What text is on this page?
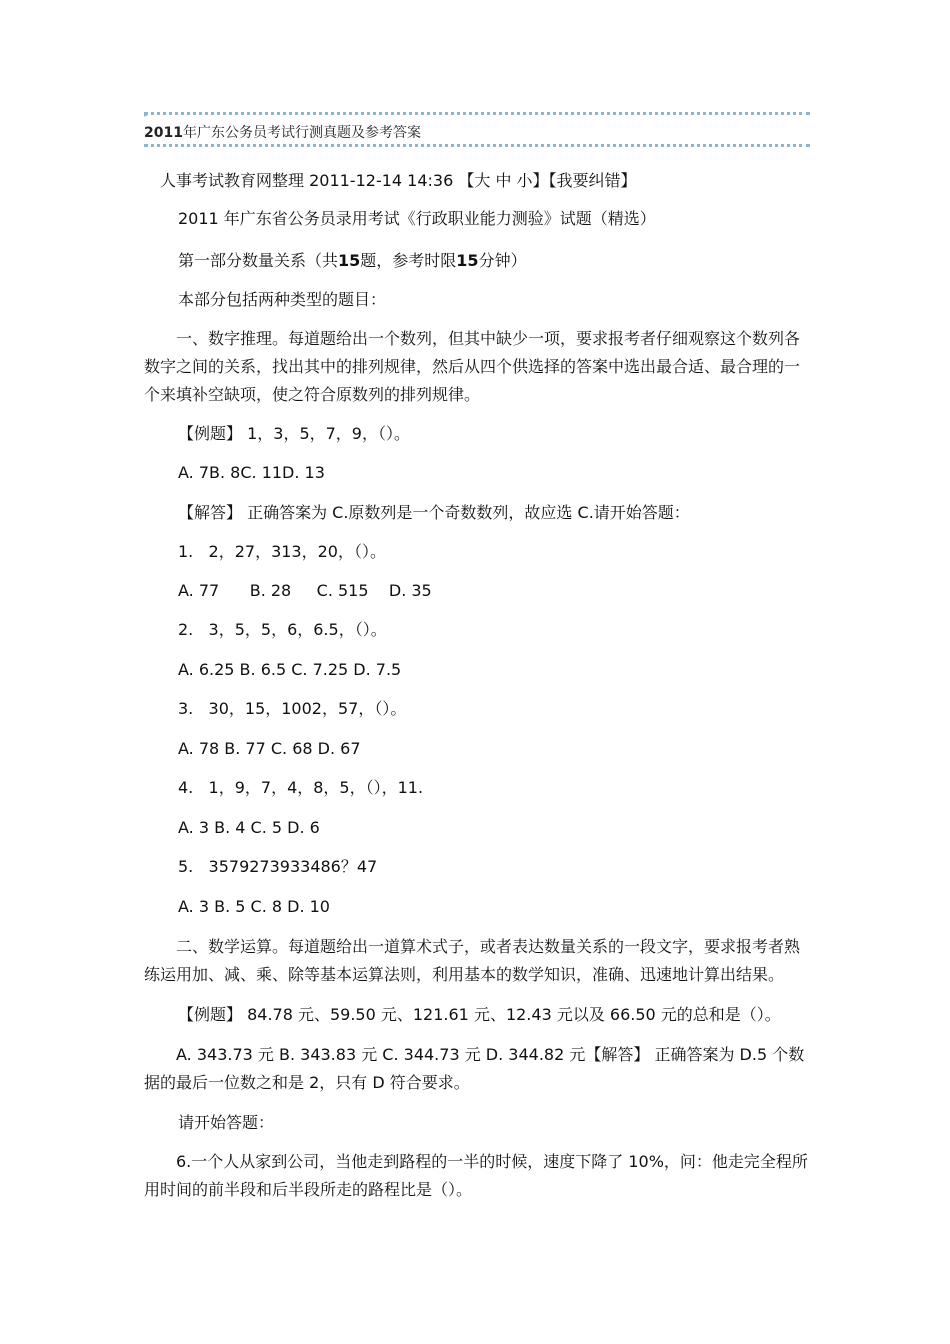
▸
2011年广东公务员考试行测真题及参考答案
人事考试教育网整理 2011-12-14 14:36 【大 中 小】【我要纠错】
2011 年广东省公务员录用考试《行政职业能力测验》试题（精选）
第一部分数量关系（共15题，参考时限15分钟）
本部分包括两种类型的题目：
一、数字推理。每道题给出一个数列，但其中缺少一项，要求报考者仔细观察这个数列各数字之间的关系，找出其中的排列规律，然后从四个供选择的答案中选出最合适、最合理的一个来填补空缺项，使之符合原数列的排列规律。
【例题】 1，3，5，7，9，（）。
A. 7B. 8C. 11D. 13
【解答】 正确答案为 C.原数列是一个奇数数列，故应选 C.请开始答题：
1.   2，27，313，20，（）。
A. 77      B. 28     C. 515    D. 35
2.   3，5，5，6，6.5，（）。
A. 6.25 B. 6.5 C. 7.25 D. 7.5
3.   30，15，1002，57，（）。
A. 78 B. 77 C. 68 D. 67
4.   1，9，7，4，8，5，（），11.
A. 3 B. 4 C. 5 D. 6
5.   3579273933486？47
A. 3 B. 5 C. 8 D. 10
二、数学运算。每道题给出一道算术式子，或者表达数量关系的一段文字，要求报考者熟练运用加、减、乘、除等基本运算法则，利用基本的数学知识，准确、迅速地计算出结果。
【例题】 84.78 元、59.50 元、121.61 元、12.43 元以及 66.50 元的总和是（）。
A. 343.73 元 B. 343.83 元 C. 344.73 元 D. 344.82 元【解答】 正确答案为 D.5 个数据的最后一位数之和是 2，只有 D 符合要求。
请开始答题：
6.一个人从家到公司，当他走到路程的一半的时候，速度下降了 10%，问：他走完全程所用时间的前半段和后半段所走的路程比是（）。
